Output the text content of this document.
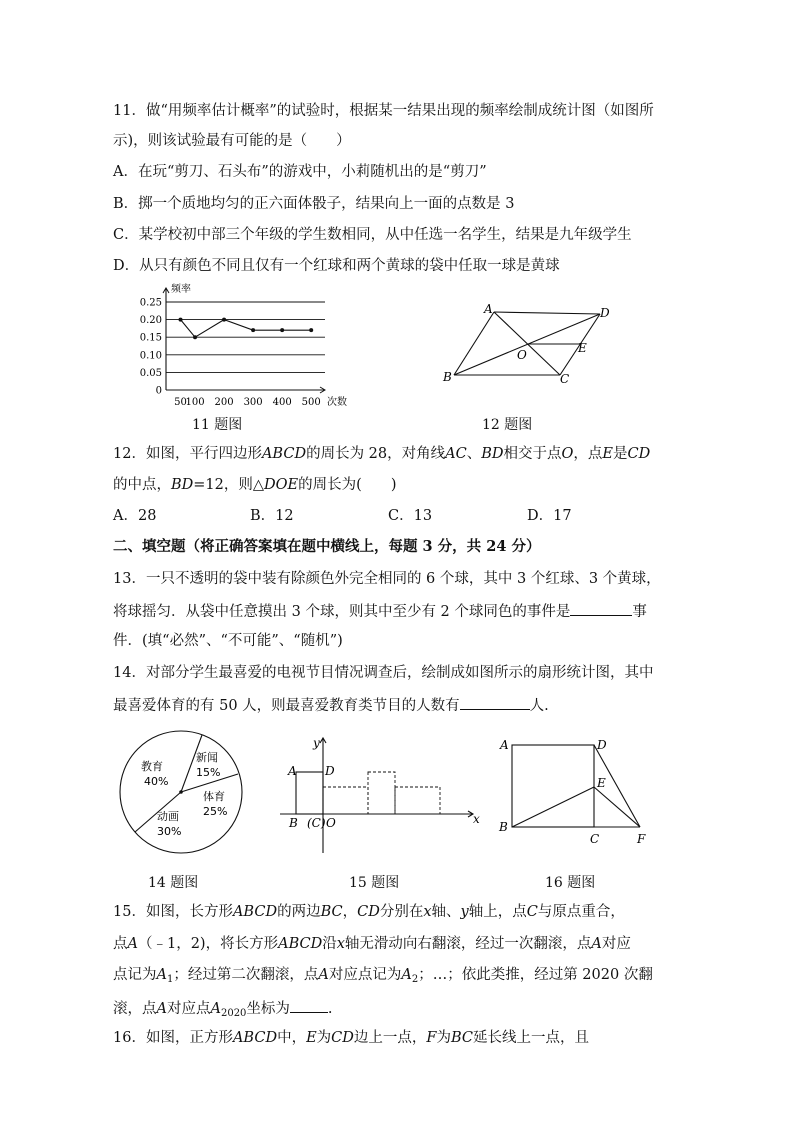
11．做“用频率估计概率”的试验时，根据某一结果出现的频率绘制成统计图（如图所
示)，则该试验最有可能的是（　　）
A．在玩“剪刀、石头布”的游戏中，小莉随机出的是“剪刀”
B．掷一个质地均匀的正六面体骰子，结果向上一面的点数是 3
C．某学校初中部三个年级的学生数相同，从中任选一名学生，结果是九年级学生
D．从只有颜色不同且仅有一个红球和两个黄球的袋中任取一球是黄球
0.25
0.20
0.15
0.10
0.05
0
50
100 200 300 400 500
频率
次数
11 题图
A	D
B	C
O	E
12 题图
12．如图，平行四边形ABCD的周长为 28，对角线AC、BD相交于点O，点E是CD
的中点，BD=12，则△DOE的周长为(　　)
A．28	B．12	C．13	D．17
二、填空题（将正确答案填在题中横线上，每题 3 分，共 24 分）
13．一只不透明的袋中装有除颜色外完全相同的 6 个球，其中 3 个红球、3 个黄球，
将球摇匀．从袋中任意摸出 3 个球，则其中至少有 2 个球同色的事件是	事
件．(填“必然”、“不可能”、“随机”)
14．对部分学生最喜爱的电视节目情况调查后，绘制成如图所示的扇形统计图，其中
最喜爱体育的有 50 人，则最喜爱教育类节目的人数有	人.
教育
40%
新闻
15%
体育
25%
动画
30%
14 题图
A D
B (C) O	x
y
15 题图
A	D
E
B
C	F
16 题图
15．如图，长方形ABCD的两边BC，CD分别在x轴、y轴上，点C与原点重合，
点A（﹣1，2)，将长方形ABCD沿x轴无滑动向右翻滚，经过一次翻滚，点A对应
点记为$A_1$；经过第二次翻滚，点A对应点记为$A_2$；…；依此类推，经过第 2020 次翻
滚，点A对应点$A_{2020}$坐标为	.
16．如图，正方形ABCD中，E为CD边上一点，F为BC延长线上一点，且
